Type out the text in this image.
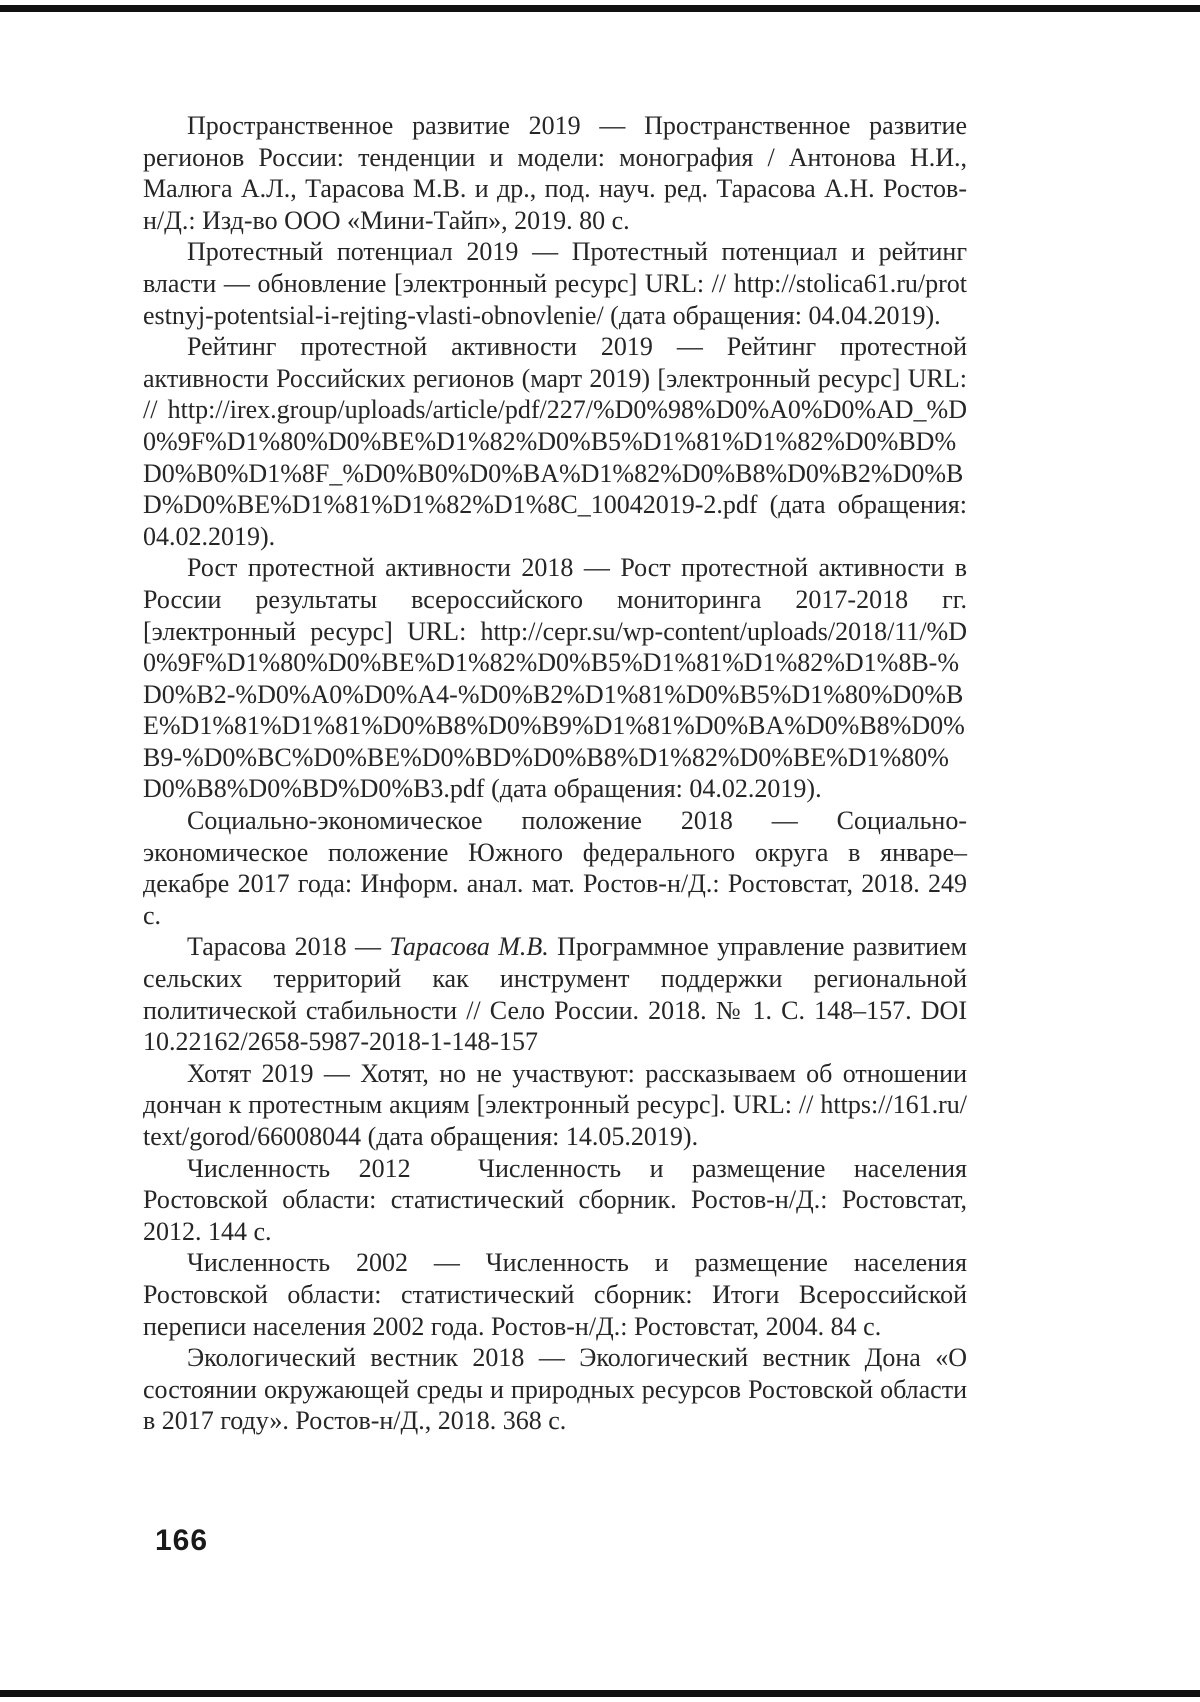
Пространственное развитие 2019 — Пространственное развитие регионов России: тенденции и модели: монография / Антонова Н.И., Малюга А.Л., Тарасова М.В. и др., под. науч. ред. Тарасова А.Н. Ростов-н/Д.: Изд-во ООО «Мини-Тайп», 2019. 80 с.

Протестный потенциал 2019 — Протестный потенциал и рейтинг власти — обновление [электронный ресурс] URL: // http://stolica61.ru/protestnyj-potentsial-i-rejting-vlasti-obnovlenie/ (дата обращения: 04.04.2019).

Рейтинг протестной активности 2019 — Рейтинг протестной активности Российских регионов (март 2019) [электронный ресурс] URL: // http://irex.group/uploads/article/pdf/227/%D0%98%D0%A0%D0%AD_%D0%9F%D1%80%D0%BE%D1%82%D0%B5%D1%81%D1%82%D0%BD%D0%B0%D1%8F_%D0%B0%D0%BA%D1%82%D0%B8%D0%B2%D0%BD%D0%BE%D1%81%D1%82%D1%8C_10042019-2.pdf (дата обращения: 04.02.2019).

Рост протестной активности 2018 — Рост протестной активности в России результаты всероссийского мониторинга 2017-2018 гг. [электронный ресурс] URL: http://cepr.su/wp-content/uploads/2018/11/%D0%9F%D1%80%D0%BE%D1%82%D0%B5%D1%81%D1%82%D1%8B-%D0%B2-%D0%A0%D0%A4-%D0%B2%D1%81%D0%B5%D1%80%D0%BE%D1%81%D1%81%D0%B8%D0%B9%D1%81%D0%BA%D0%B8%D0%B9-%D0%BC%D0%BE%D0%BD%D0%B8%D1%82%D0%BE%D1%80%D0%B8%D0%BD%D0%B3.pdf (дата обращения: 04.02.2019).

Социально-экономическое положение 2018 — Социально-экономическое положение Южного федерального округа в январе–декабре 2017 года: Информ. анал. мат. Ростов-н/Д.: Ростовстат, 2018. 249 с.

Тарасова 2018 — Тарасова М.В. Программное управление развитием сельских территорий как инструмент поддержки региональной политической стабильности // Село России. 2018. № 1. С. 148–157. DOI 10.22162/2658-5987-2018-1-148-157

Хотят 2019 — Хотят, но не участвуют: рассказываем об отношении дончан к протестным акциям [электронный ресурс]. URL: // https://161.ru/text/gorod/66008044 (дата обращения: 14.05.2019).

Численность 2012   Численность и размещение населения Ростовской области: статистический сборник. Ростов-н/Д.: Ростовстат, 2012. 144 с.

Численность 2002 — Численность и размещение населения Ростовской области: статистический сборник: Итоги Всероссийской переписи населения 2002 года. Ростов-н/Д.: Ростовстат, 2004. 84 с.

Экологический вестник 2018 — Экологический вестник Дона «О состоянии окружающей среды и природных ресурсов Ростовской области в 2017 году». Ростов-н/Д., 2018. 368 с.

166
